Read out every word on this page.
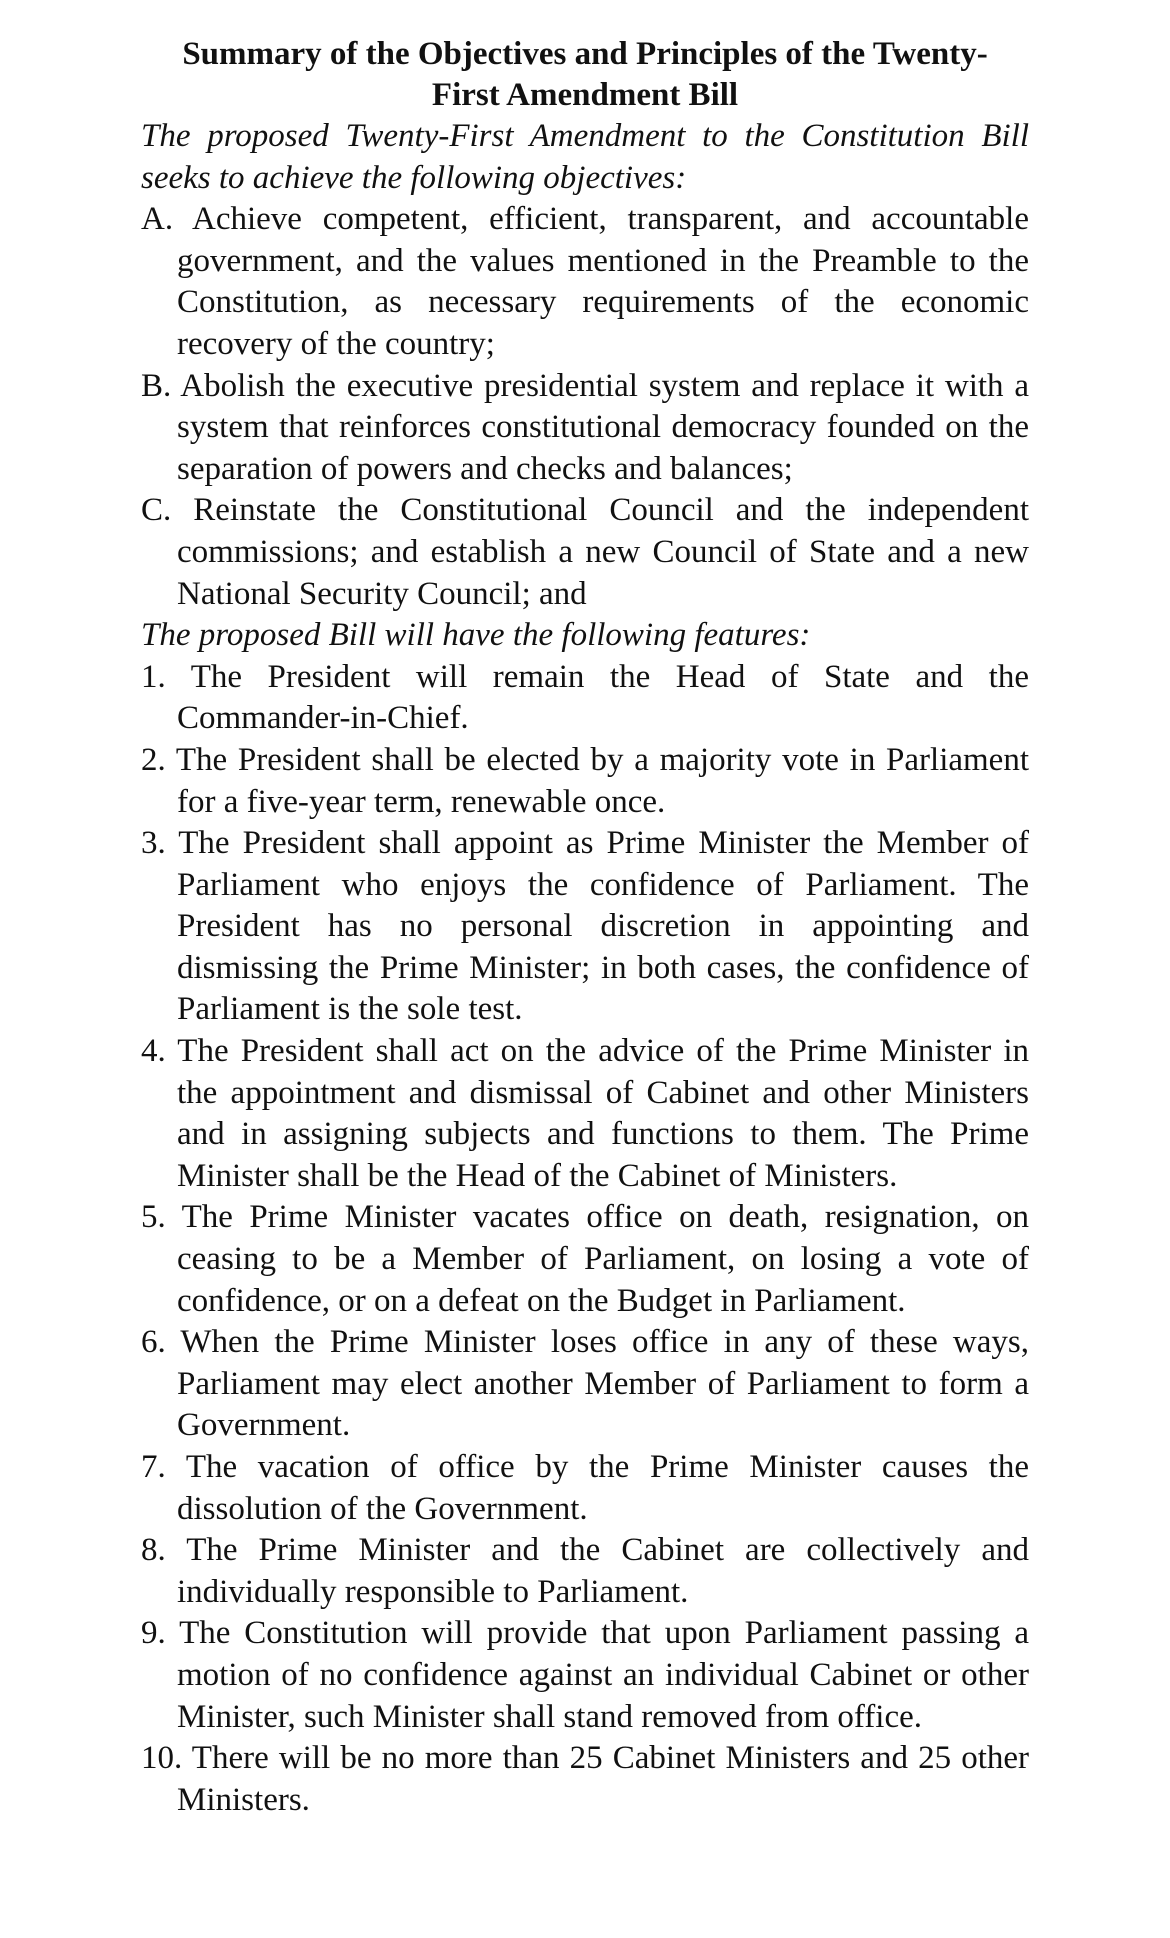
Summary of the Objectives and Principles of the Twenty-First Amendment Bill

The proposed Twenty-First Amendment to the Constitution Bill seeks to achieve the following objectives:

A. Achieve competent, efficient, transparent, and accountable government, and the values mentioned in the Preamble to the Constitution, as necessary requirements of the economic recovery of the country;
B. Abolish the executive presidential system and replace it with a system that reinforces constitutional democracy founded on the separation of powers and checks and balances;
C. Reinstate the Constitutional Council and the independent commissions; and establish a new Council of State and a new National Security Council; and

The proposed Bill will have the following features:

1. The President will remain the Head of State and the Commander-in-Chief.
2. The President shall be elected by a majority vote in Parliament for a five-year term, renewable once.
3. The President shall appoint as Prime Minister the Member of Parliament who enjoys the confidence of Parliament. The President has no personal discretion in appointing and dismissing the Prime Minister; in both cases, the confidence of Parliament is the sole test.
4. The President shall act on the advice of the Prime Minister in the appointment and dismissal of Cabinet and other Ministers and in assigning subjects and functions to them. The Prime Minister shall be the Head of the Cabinet of Ministers.
5. The Prime Minister vacates office on death, resignation, on ceasing to be a Member of Parliament, on losing a vote of confidence, or on a defeat on the Budget in Parliament.
6. When the Prime Minister loses office in any of these ways, Parliament may elect another Member of Parliament to form a Government.
7. The vacation of office by the Prime Minister causes the dissolution of the Government.
8. The Prime Minister and the Cabinet are collectively and individually responsible to Parliament.
9. The Constitution will provide that upon Parliament passing a motion of no confidence against an individual Cabinet or other Minister, such Minister shall stand removed from office.
10. There will be no more than 25 Cabinet Ministers and 25 other Ministers.
